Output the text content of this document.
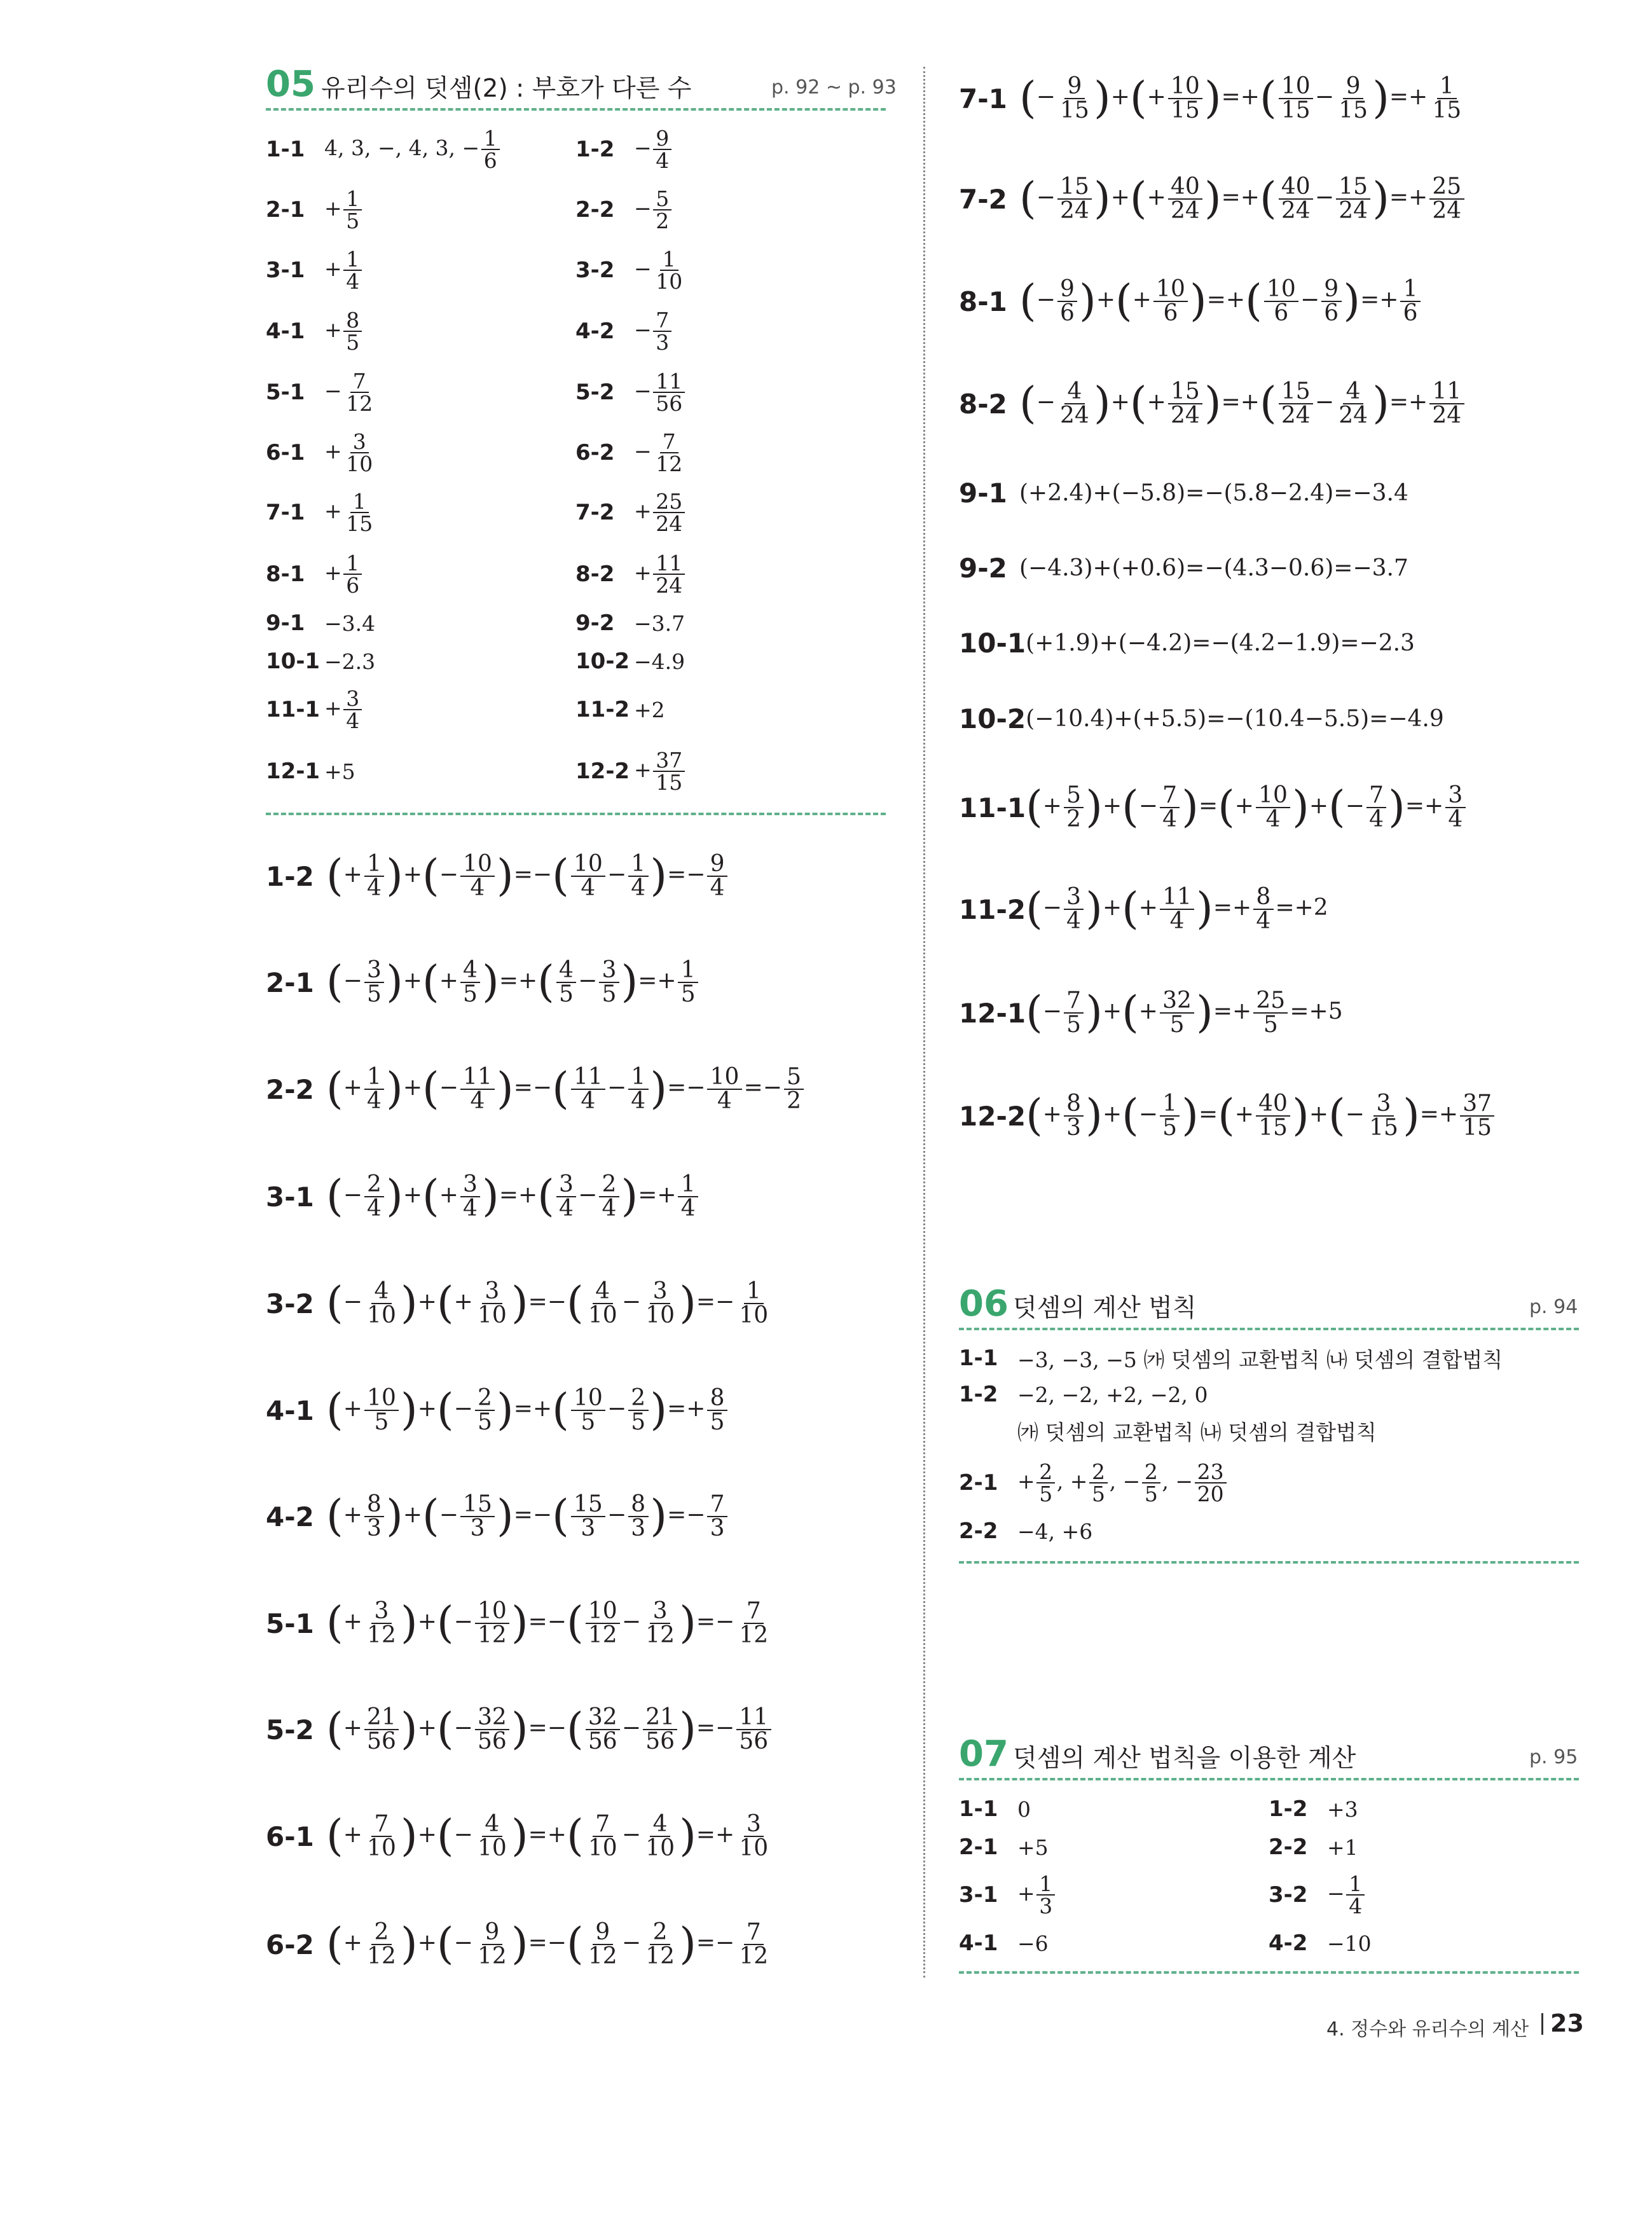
05 유리수의 덧셈(2) : 부호가 다른 수	p. 92 ~ p. 93
1-1 4, 3, −, 4, 3, − $\frac{1}{6}$	$1-2 - \frac{9}{4}$
$2-1 + \frac{1}{5}$	$2-2 - \frac{5}{2}$
$3-1 + \frac{1}{4}$	$3-2 - \frac{1}{10}$
$4-1 + \frac{8}{5}$	$4-2 - \frac{7}{3}$
$5-1 - \frac{7}{12}$	$5-2 - \frac{11}{56}$
$6-1 + \frac{3}{10}$	$6-2 - \frac{7}{12}$
$7-1 + \frac{1}{15}$	$7-2 + \frac{25}{24}$
$8-1 + \frac{1}{6}$	$8-2 + \frac{11}{24}$
9-1 −3.4	9-2 −3.7
10-1 −2.3	10-2 −4.9
$11-1 + \frac{3}{4}$	11-2 +2
12-1 +5	$12-2 + \frac{37}{15}$
1-2 (+ $\frac{1}{4}$ )+(− $\frac{10}{4}$ )=−( $\frac{10}{4} - \frac{1}{4}$ )=− $\frac{9}{4}$
2-1 (− $\frac{3}{5}$ )+(+ $\frac{4}{5}$ )=+( $\frac{4}{5} - \frac{3}{5}$ )=+ $\frac{1}{5}$
2-2 (+ $\frac{1}{4}$ )+(− $\frac{11}{4}$ )=−( $\frac{11}{4} - \frac{1}{4}$ )=− $\frac{10}{4} =- \frac{5}{2}$
3-1 (− $\frac{2}{4}$ )+(+ $\frac{3}{4}$ )=+( $\frac{3}{4} - \frac{2}{4}$ )=+ $\frac{1}{4}$
3-2 (− $\frac{4}{10}$ )+(+ $\frac{3}{10}$ )=−( $\frac{4}{10} - \frac{3}{10}$ )=− $\frac{1}{10}$
4-1 (+ $\frac{10}{5}$ )+(− $\frac{2}{5}$ )=+( $\frac{10}{5} - \frac{2}{5}$ )=+ $\frac{8}{5}$
4-2 (+ $\frac{8}{3}$ )+(− $\frac{15}{3}$ )=−( $\frac{15}{3} - \frac{8}{3}$ )=− $\frac{7}{3}$
5-1 (+ $\frac{3}{12}$ )+(− $\frac{10}{12}$ )=−( $\frac{10}{12} - \frac{3}{12}$ )=− $\frac{7}{12}$
5-2 (+ $\frac{21}{56}$ )+(− $\frac{32}{56}$ )=−( $\frac{32}{56} - \frac{21}{56}$ )=− $\frac{11}{56}$
6-1 (+ $\frac{7}{10}$ )+(− $\frac{4}{10}$ )=+( $\frac{7}{10} - \frac{4}{10}$ )=+ $\frac{3}{10}$
6-2 (+ $\frac{2}{12}$ )+(− $\frac{9}{12}$ )=−( $\frac{9}{12} - \frac{2}{12}$ )=− $\frac{7}{12}$
7-1 (− $\frac{9}{15}$ )+(+ $\frac{10}{15}$ )=+( $\frac{10}{15} - \frac{9}{15}$ )=+ $\frac{1}{15}$
7-2 (− $\frac{15}{24}$ )+(+ $\frac{40}{24}$ )=+( $\frac{40}{24} - \frac{15}{24}$ )=+ $\frac{25}{24}$
8-1 (− $\frac{9}{6}$ )+(+ $\frac{10}{6}$ )=+( $\frac{10}{6} - \frac{9}{6}$ )=+ $\frac{1}{6}$
8-2 (− $\frac{4}{24}$ )+(+ $\frac{15}{24}$ )=+( $\frac{15}{24} - \frac{4}{24}$ )=+ $\frac{11}{24}$
9-1 (+2.4)+(−5.8)=−(5.8−2.4)=−3.4
9-2 (−4.3)+(+0.6)=−(4.3−0.6)=−3.7
10-1 (+1.9)+(−4.2)=−(4.2−1.9)=−2.3
10-2 (−10.4)+(+5.5)=−(10.4−5.5)=−4.9
11-1 (+ $\frac{5}{2}$ )+(− $\frac{7}{4}$ )=(+ $\frac{10}{4}$ )+(− $\frac{7}{4}$ )=+ $\frac{3}{4}$
11-2 (− $\frac{3}{4}$ )+(+ $\frac{11}{4}$ )=+ $\frac{8}{4} =+2$
12-1 (− $\frac{7}{5}$ )+(+ $\frac{32}{5}$ )=+ $\frac{25}{5} =+5$
12-2 (+ $\frac{8}{3}$ )+(− $\frac{1}{5}$ )=(+ $\frac{40}{15}$ )+(− $\frac{3}{15}$ )=+ $\frac{37}{15}$
06 덧셈의 계산 법칙	p. 94
1-1 −3, −3, −5 ㈎ 덧셈의 교환법칙 ㈏ 덧셈의 결합법칙
1-2 −2, −2, +2, −2, 0
㈎ 덧셈의 교환법칙 ㈏ 덧셈의 결합법칙
$2-1 + \frac{2}{5}$ , + $\frac{2}{5}$ , − $\frac{2}{5}$ , − $\frac{23}{20}$
2-2 −4, +6
07 덧셈의 계산 법칙을 이용한 계산	p. 95
1-1 0	1-2 +3
2-1 +5	2-2 +1
$3-1 + \frac{1}{3}$	$3-2 - \frac{1}{4}$
4-1 −6	4-2 −10
4. 정수와 유리수의 계산 23
